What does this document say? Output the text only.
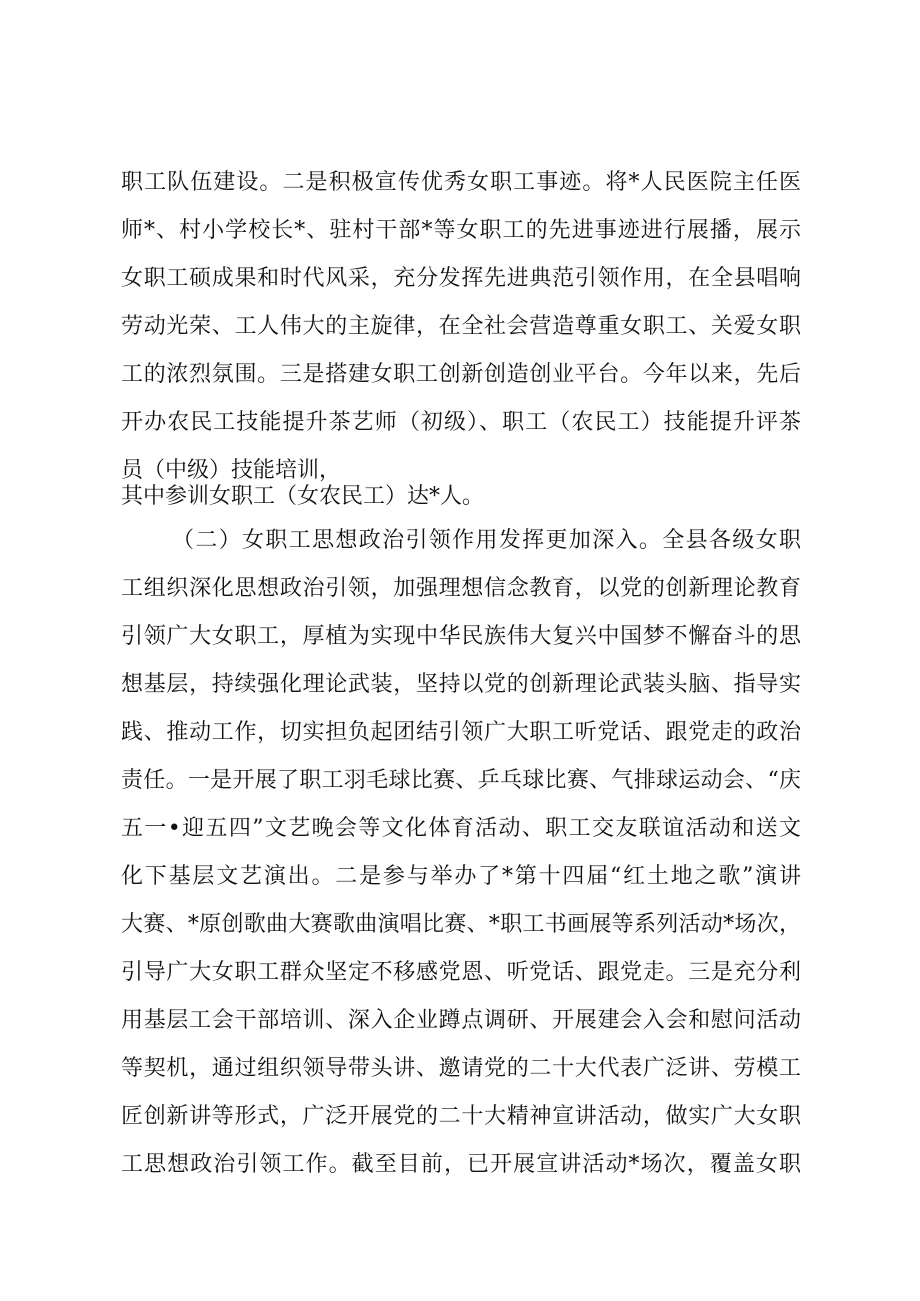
职工队伍建设。二是积极宣传优秀女职工事迹。将*人民医院主任医
师*、村小学校长*、驻村干部*等女职工的先进事迹进行展播，展示
女职工硕成果和时代风采，充分发挥先进典范引领作用，在全县唱响
劳动光荣、工人伟大的主旋律，在全社会营造尊重女职工、关爱女职
工的浓烈氛围。三是搭建女职工创新创造创业平台。今年以来，先后
开办农民工技能提升茶艺师（初级）、职工（农民工）技能提升评茶
员（中级）技能培训，
其中参训女职工（女农民工）达*人。
（二）女职工思想政治引领作用发挥更加深入。全县各级女职
工组织深化思想政治引领，加强理想信念教育，以党的创新理论教育
引领广大女职工，厚植为实现中华民族伟大复兴中国梦不懈奋斗的思
想基层，持续强化理论武装，坚持以党的创新理论武装头脑、指导实
践、推动工作，切实担负起团结引领广大职工听党话、跟党走的政治
责任。一是开展了职工羽毛球比赛、乒乓球比赛、气排球运动会、“庆
五一•迎五四”文艺晚会等文化体育活动、职工交友联谊活动和送文
化下基层文艺演出。二是参与举办了*第十四届“红土地之歌”演讲
大赛、*原创歌曲大赛歌曲演唱比赛、*职工书画展等系列活动*场次，
引导广大女职工群众坚定不移感党恩、听党话、跟党走。三是充分利
用基层工会干部培训、深入企业蹲点调研、开展建会入会和慰问活动
等契机，通过组织领导带头讲、邀请党的二十大代表广泛讲、劳模工
匠创新讲等形式，广泛开展党的二十大精神宣讲活动，做实广大女职
工思想政治引领工作。截至目前，已开展宣讲活动*场次，覆盖女职
